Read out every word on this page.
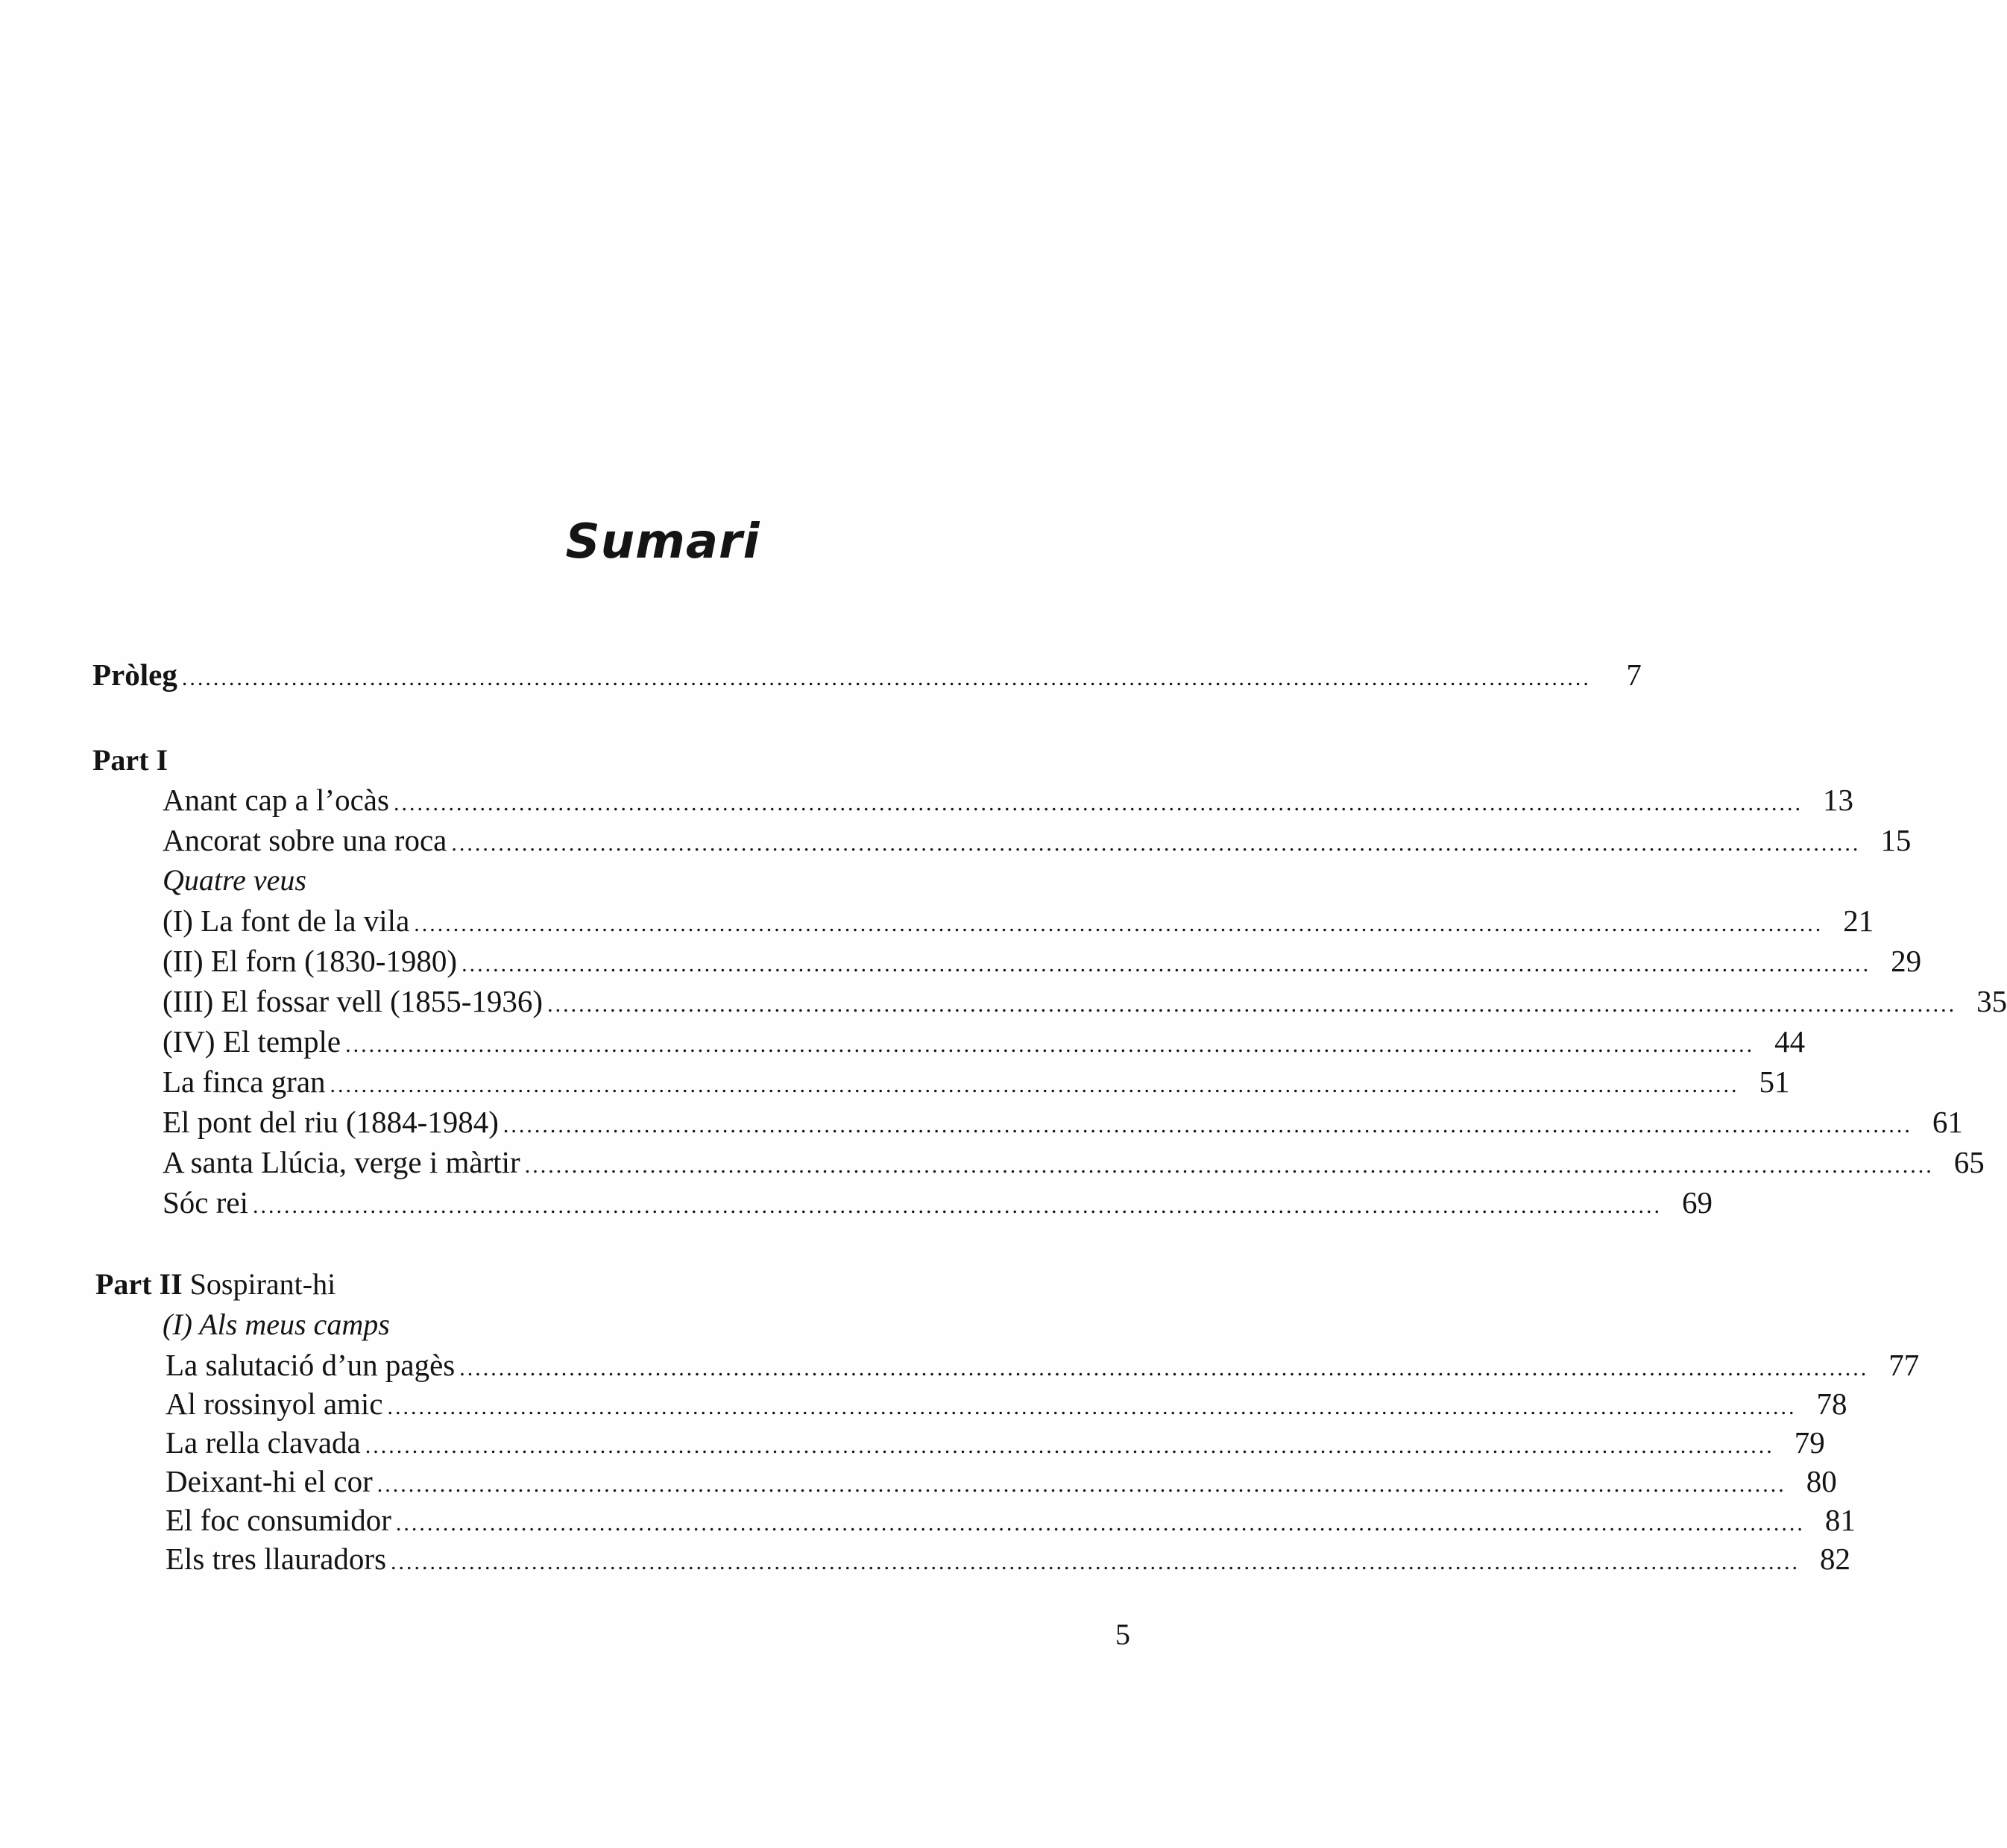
Sumari
Pròleg ....................................................................................................................................................................................	7
Part I
Anant cap a l’ocàs .................................................................................................................................................................................... 13
Ancorat sobre una roca .................................................................................................................................................................................... 15
Quatre veus
(I) La font de la vila .................................................................................................................................................................................... 21
(II) El forn (1830-1980) .................................................................................................................................................................................... 29
(III) El fossar vell (1855-1936) .................................................................................................................................................................................... 35
(IV) El temple .................................................................................................................................................................................... 44
La finca gran .................................................................................................................................................................................... 51
El pont del riu (1884-1984) .................................................................................................................................................................................... 61
A santa Llúcia, verge i màrtir .................................................................................................................................................................................... 65
Sóc rei .................................................................................................................................................................................... 69
Part II Sospirant-hi
(I) Als meus camps
La salutació d’un pagès .................................................................................................................................................................................... 77
Al rossinyol amic .................................................................................................................................................................................... 78
La rella clavada .................................................................................................................................................................................... 79
Deixant-hi el cor .................................................................................................................................................................................... 80
El foc consumidor .................................................................................................................................................................................... 81
Els tres llauradors .................................................................................................................................................................................... 82
5
